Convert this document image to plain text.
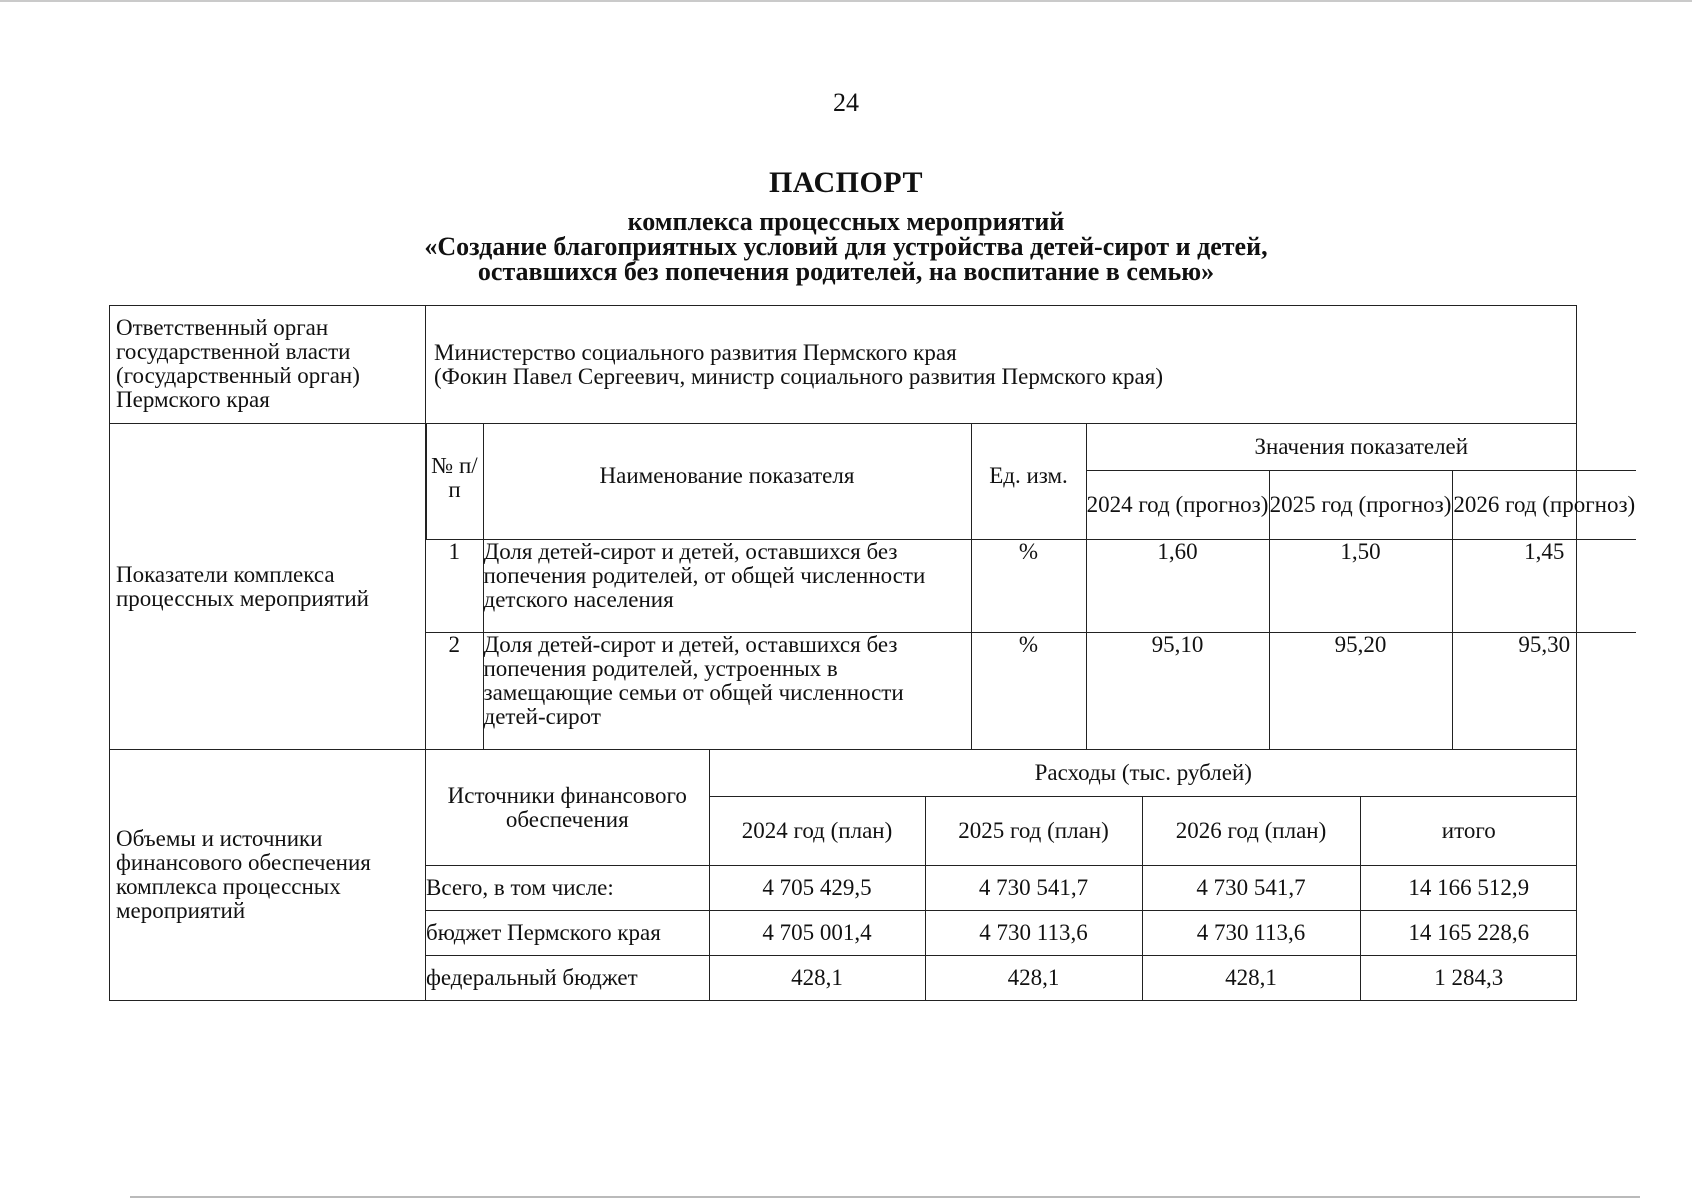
24
ПАСПОРТ
комплекса процессных мероприятий
«Создание благоприятных условий для устройства детей-сирот и детей,
оставшихся без попечения родителей, на воспитание в семью»
Ответственный орган государственной власти (государственный орган) Пермского края	
Министерство социального развития Пермского края
(Фокин Павел Сергеевич, министр социального развития Пермского края)

Показатели комплекса процессных мероприятий	
	№ п/п	Наименование показателя	Ед. изм.	Значения показателей
2024 год (прогноз)	2025 год (прогноз)	2026 год (прогноз)
1	Доля детей-сирот и детей, оставшихся без попечения родителей, от общей численности детского населения	%	1,60	1,50	1,45
2	Доля детей-сирот и детей, оставшихся без попечения родителей, устроенных в замещающие семьи от общей численности детей-сирот	%	95,10	95,20	95,30

Объемы и источники финансового обеспечения комплекса процессных мероприятий	
Источники финансового обеспечения	Расходы (тыс. рублей)
2024 год (план)	2025 год (план)	2026 год (план)	итого
Всего, в том числе:	4 705 429,5	4 730 541,7	4 730 541,7	14 166 512,9
бюджет Пермского края	4 705 001,4	4 730 113,6	4 730 113,6	14 165 228,6
федеральный бюджет	428,1	428,1	428,1	1 284,3
